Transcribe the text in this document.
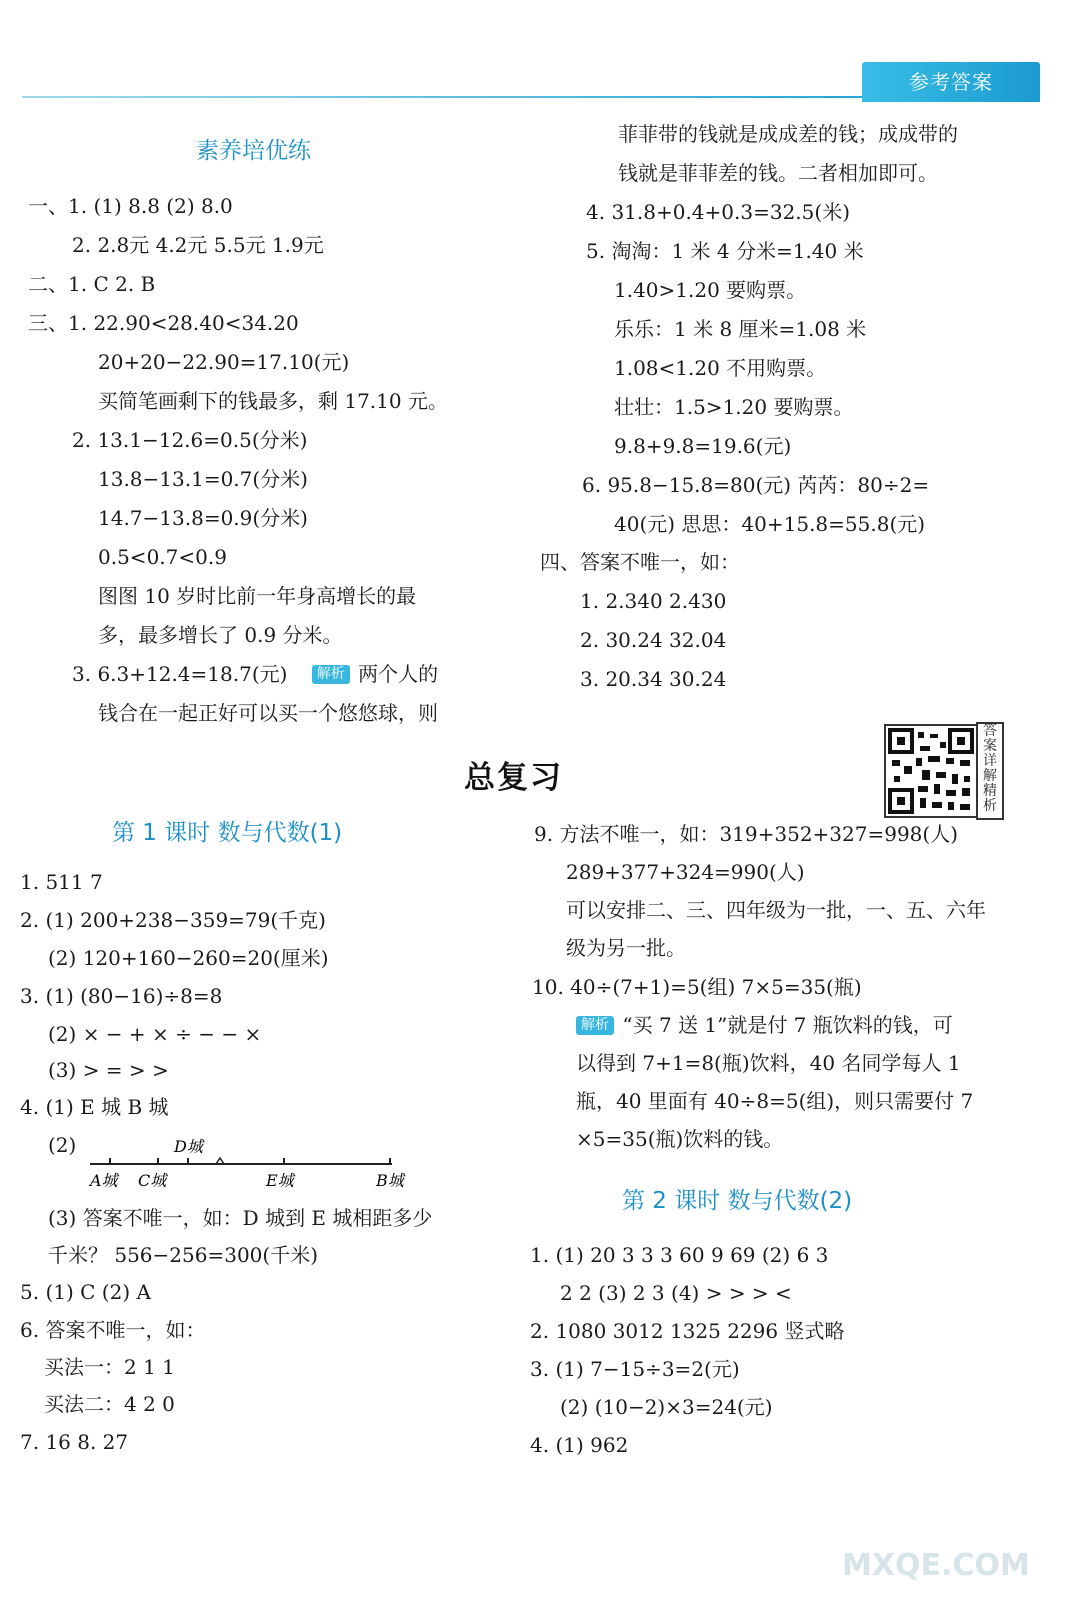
参考答案
素养培优练
一、1. (1) 8.8 (2) 8.0
2. 2.8元 4.2元 5.5元 1.9元
二、1. C 2. B
三、1. 22.90<28.40<34.20
20+20−22.90=17.10(元)
买简笔画剩下的钱最多，剩 17.10 元。
2. 13.1−12.6=0.5(分米)
13.8−13.1=0.7(分米)
14.7−13.8=0.9(分米)
0.5<0.7<0.9
图图 10 岁时比前一年身高增长的最
多，最多增长了 0.9 分米。
3. 6.3+12.4=18.7(元) 解析 两个人的
钱合在一起正好可以买一个悠悠球，则
菲菲带的钱就是成成差的钱；成成带的
钱就是菲菲差的钱。二者相加即可。
4. 31.8+0.4+0.3=32.5(米)
5. 淘淘：1 米 4 分米=1.40 米
1.40>1.20 要购票。
乐乐：1 米 8 厘米=1.08 米
1.08<1.20 不用购票。
壮壮：1.5>1.20 要购票。
9.8+9.8=19.6(元)
6. 95.8−15.8=80(元) 芮芮：80÷2=
40(元) 思思：40+15.8=55.8(元)
四、答案不唯一，如：
1. 2.340 2.430
2. 30.24 32.04
3. 20.34 30.24
总复习
答案详解精析
第 1 课时 数与代数(1)
1. 511 7
2. (1) 200+238−359=79(千克)
(2) 120+160−260=20(厘米)
3. (1) (80−16)÷8=8
(2) × − + × ÷ − − ×
(3) > = > >
4. (1) E 城 B 城
(2)	D城
A城 C城	E城	B城
(3) 答案不唯一，如：D 城到 E 城相距多少
千米？ 556−256=300(千米)
5. (1) C (2) A
6. 答案不唯一，如：
买法一：2 1 1
买法二：4 2 0
7. 16 8. 27
9. 方法不唯一，如：319+352+327=998(人)
289+377+324=990(人)
可以安排二、三、四年级为一批，一、五、六年
级为另一批。
10. 40÷(7+1)=5(组) 7×5=35(瓶)
解析 “买 7 送 1”就是付 7 瓶饮料的钱，可
以得到 7+1=8(瓶)饮料，40 名同学每人 1
瓶，40 里面有 40÷8=5(组)，则只需要付 7
×5=35(瓶)饮料的钱。
第 2 课时 数与代数(2)
1. (1) 20 3 3 3 60 9 69 (2) 6 3
2 2 (3) 2 3 (4) > > > <
2. 1080 3012 1325 2296 竖式略
3. (1) 7−15÷3=2(元)
(2) (10−2)×3=24(元)
4. (1) 962
MXQE.COM
